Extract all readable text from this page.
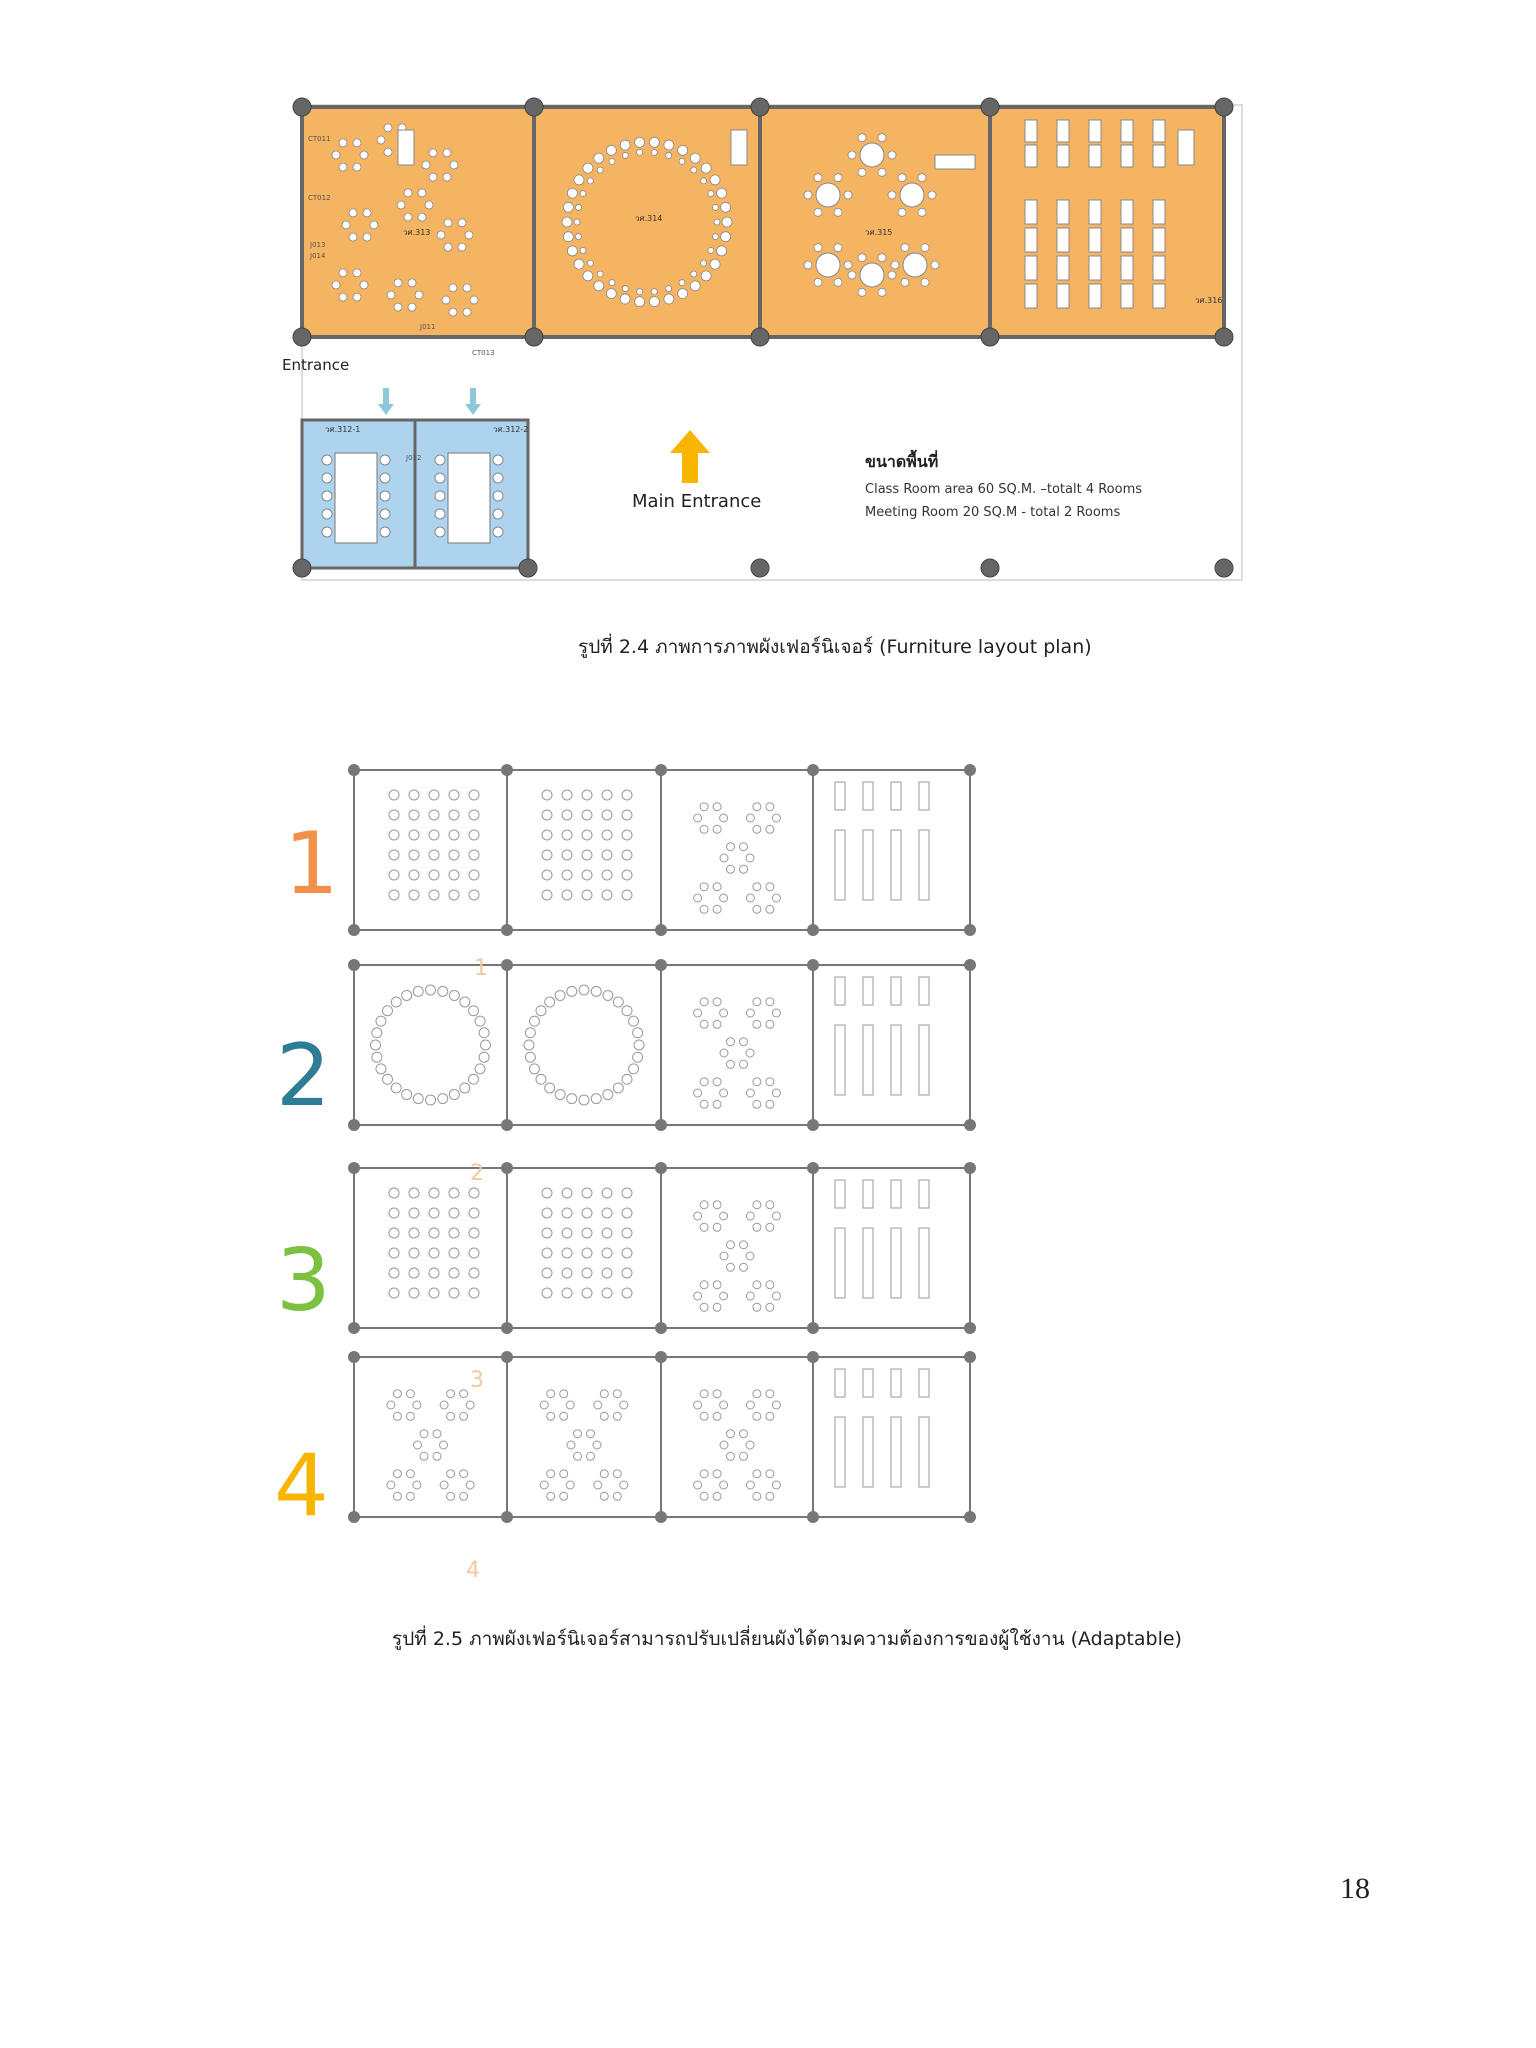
วศ.313
วศ.314
วศ.315
วศ.316
วศ.312-1	วศ.312-2
CT011
CT012
CT013
J011
J012
J013
J014
Entrance
Main Entrance
ขนาดพื้นที่
Class Room area 60 SQ.M. –totalt 4 Rooms
Meeting Room 20 SQ.M - total 2 Rooms
รูปที่ 2.4 ภาพการภาพผังเฟอร์นิเจอร์ (Furniture layout plan)
1
2
3
4
1
2
3
4
รูปที่ 2.5 ภาพผังเฟอร์นิเจอร์สามารถปรับเปลี่ยนผังได้ตามความต้องการของผู้ใช้งาน (Adaptable)
18
